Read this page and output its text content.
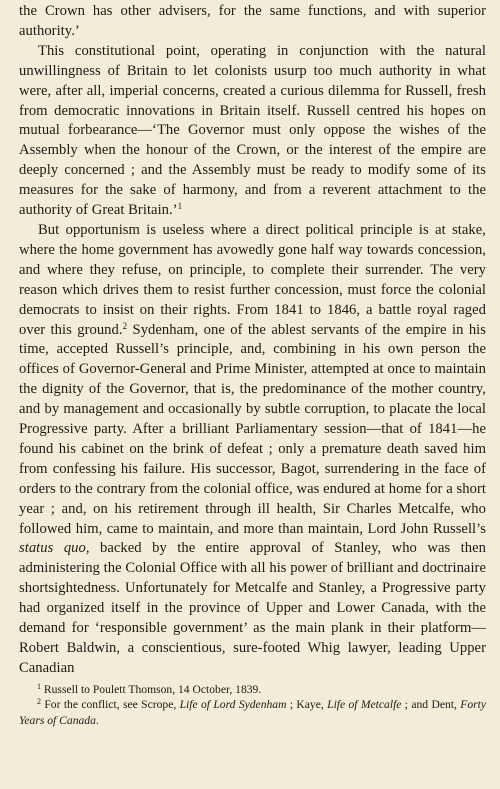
the Crown has other advisers, for the same functions, and with superior authority.’

This constitutional point, operating in conjunction with the natural unwillingness of Britain to let colonists usurp too much authority in what were, after all, imperial concerns, created a curious dilemma for Russell, fresh from democratic innovations in Britain itself. Russell centred his hopes on mutual forbearance—‘The Governor must only oppose the wishes of the Assembly when the honour of the Crown, or the interest of the empire are deeply concerned ; and the Assembly must be ready to modify some of its measures for the sake of harmony, and from a reverent attachment to the authority of Great Britain.’$^1$

But opportunism is useless where a direct political principle is at stake, where the home government has avowedly gone half way towards concession, and where they refuse, on principle, to complete their surrender. The very reason which drives them to resist further concession, must force the colonial democrats to insist on their rights. From 1841 to 1846, a battle royal raged over this ground.$^2$ Sydenham, one of the ablest servants of the empire in his time, accepted Russell’s principle, and, combining in his own person the offices of Governor-General and Prime Minister, attempted at once to maintain the dignity of the Governor, that is, the predominance of the mother country, and by management and occasionally by subtle corruption, to placate the local Progressive party. After a brilliant Parliamentary session—that of 1841—he found his cabinet on the brink of defeat ; only a premature death saved him from confessing his failure. His successor, Bagot, surrendering in the face of orders to the contrary from the colonial office, was endured at home for a short year ; and, on his retirement through ill health, Sir Charles Metcalfe, who followed him, came to maintain, and more than maintain, Lord John Russell’s status quo, backed by the entire approval of Stanley, who was then administering the Colonial Office with all his power of brilliant and doctrinaire shortsightedness. Unfortunately for Metcalfe and Stanley, a Progressive party had organized itself in the province of Upper and Lower Canada, with the demand for ‘responsible government’ as the main plank in their platform—Robert Baldwin, a conscientious, sure-footed Whig lawyer, leading Upper Canadian

$^1$ Russell to Poulett Thomson, 14 October, 1839.

$^2$ For the conflict, see Scrope, Life of Lord Sydenham ; Kaye, Life of Metcalfe ; and Dent, Forty Years of Canada.
